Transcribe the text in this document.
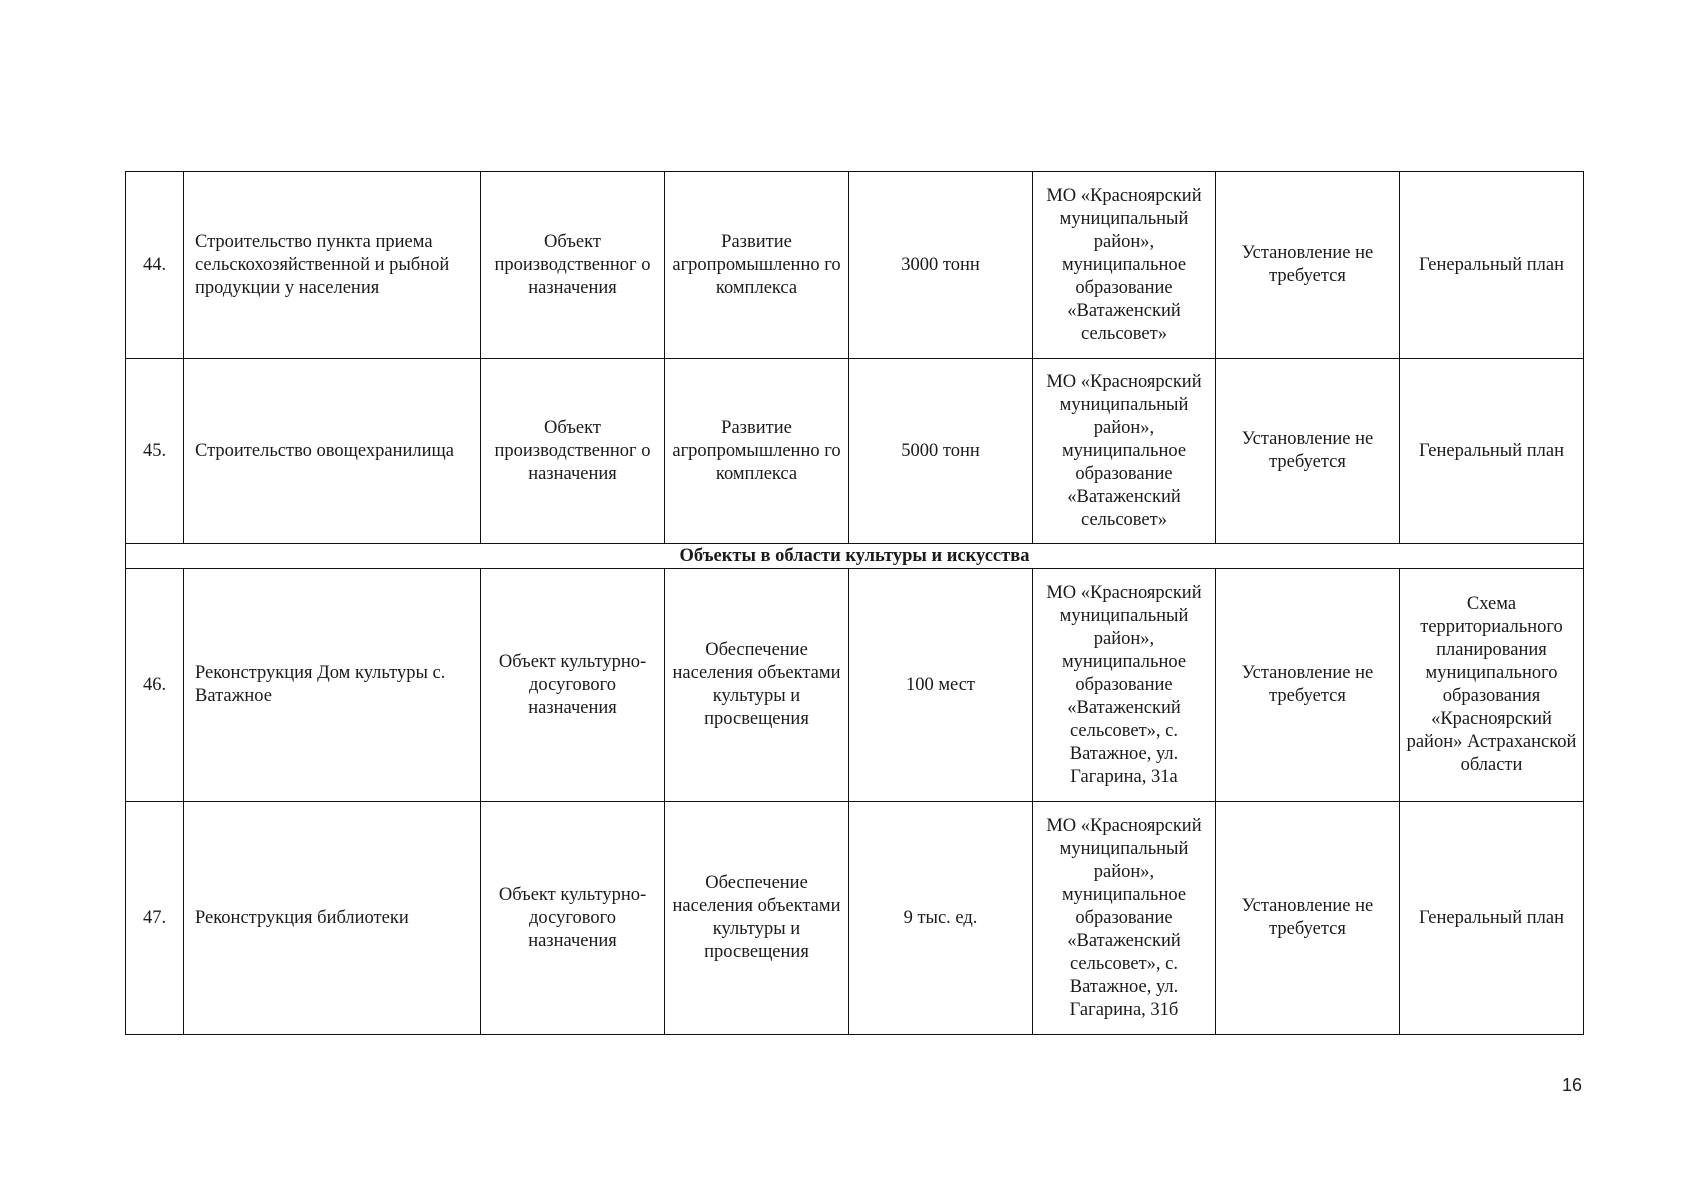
44.	Строительство пункта приема сельскохозяйственной и рыбной продукции у населения	Объект производственног о назначения	Развитие агропромышленно го комплекса	3000 тонн	МО «Красноярский муниципальный район», муниципальное образование «Ватаженский сельсовет»	Установление не требуется	Генеральный план
45.	Строительство овощехранилища	Объект производственног о назначения	Развитие агропромышленно го комплекса	5000 тонн	МО «Красноярский муниципальный район», муниципальное образование «Ватаженский сельсовет»	Установление не требуется	Генеральный план
Объекты в области культуры и искусства							
46.	Реконструкция Дом культуры с. Ватажное	Объект культурно-досугового назначения	Обеспечение населения объектами культуры и просвещения	100 мест	МО «Красноярский муниципальный район», муниципальное образование «Ватаженский сельсовет», с. Ватажное, ул. Гагарина, 31а	Установление не требуется	Схема территориального планирования муниципального образования «Красноярский район» Астраханской области
47.	Реконструкция библиотеки	Объект культурно-досугового назначения	Обеспечение населения объектами культуры и просвещения	9 тыс. ед.	МО «Красноярский муниципальный район», муниципальное образование «Ватаженский сельсовет», с. Ватажное, ул. Гагарина, 31б	Установление не требуется	Генеральный план
16
